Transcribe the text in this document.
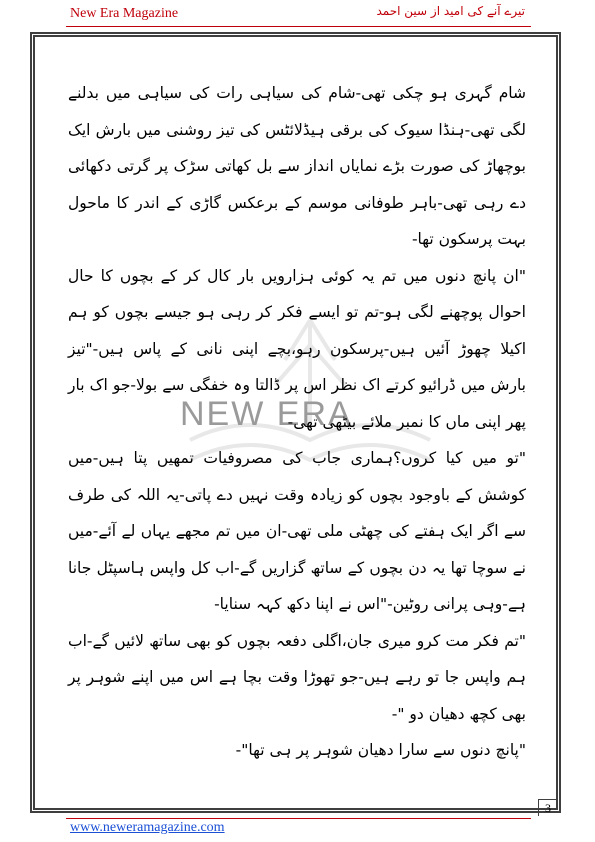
New Era Magazine	تیرے آنے کی امید از سین احمد
NEW ERA

شام گہری ہو چکی تھی-شام کی سیاہی رات کی سیاہی میں بدلنے لگی تھی-ہنڈا سیوک کی برقی ہیڈلائٹس کی تیز روشنی میں بارش ایک بوچھاڑ کی صورت بڑے نمایاں انداز سے بل کھاتی سڑک پر گرتی دکھائی دے رہی تھی-باہر طوفانی موسم کے برعکس گاڑی کے اندر کا ماحول بہت پرسکون تھا-

"ان پانچ دنوں میں تم یہ کوئی ہزارویں بار کال کر کے بچوں کا حال احوال پوچھنے لگی ہو-تم تو ایسے فکر کر رہی ہو جیسے بچوں کو ہم اکیلا چھوڑ آئیں ہیں-پرسکون رہو،بچے اپنی نانی کے پاس ہیں-"تیز بارش میں ڈرائیو کرتے اک نظر اس پر ڈالتا وہ خفگی سے بولا-جو اک بار پھر اپنی ماں کا نمبر ملائے بیٹھی تھی-

"تو میں کیا کروں؟ہماری جاب کی مصروفیات تمھیں پتا ہیں-میں کوشش کے باوجود بچوں کو زیادہ وقت نہیں دے پاتی-یہ اللہ کی طرف سے اگر ایک ہفتے کی چھٹی ملی تھی-ان میں تم مجھے یہاں لے آئے-میں نے سوچا تھا یہ دن بچوں کے ساتھ گزاریں گے-اب کل واپس ہاسپٹل جانا ہے-وہی پرانی روٹین-"اس نے اپنا دکھ کہہ سنایا-

"تم فکر مت کرو میری جان،اگلی دفعہ بچوں کو بھی ساتھ لائیں گے-اب ہم واپس جا تو رہے ہیں-جو تھوڑا وقت بچا ہے اس میں اپنے شوہر پر بھی کچھ دھیان دو "-

"پانچ دنوں سے سارا دھیان شوہر پر ہی تھا"-

3
www.neweramagazine.com
